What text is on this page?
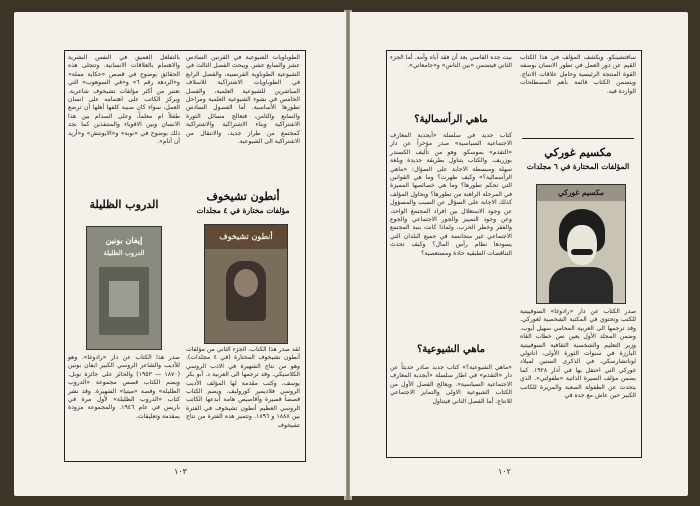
الطوباويات الشيوعية في القرنين السادس عشر والسابع عشر. ويبحث الفصل الثالث في الشيوعية الطوباوية الفرنسية، والفصل الرابع في الطوباويات الاشتراكية للاسلاف المباشرين للشيوعية العلمية، والفصل الخامس في نشوء الشيوعية العلمية ومراحل تطورها الأساسية. أما الفصول السادس والسابع والثامن، فتعالج مسائل الثورة الاشتراكية وبناء الاشتراكية والاشتراكية كمجتمع من طراز جديد، والانتقال من الاشتراكية الى الشيوعية.
بالتفلغل العميق في النفس البشرية والاهتمام بالعلاقات الانسانية. وتتجلى هذه الحقائق بوضوح في قصص «حكاية مملة» و«الردهة رقم ٦» و«في السوهوب» التي تعتبر من أكثر مؤلفات تشيخوف شاعرية. ويركز الكاتب على اهتمامه على انسان العمل، سواء كان صبية كلفها أهلها أن ترضع طفلاً ام معلماً، وعلى الصدام بين هذا الانسان وبين الاقوياء والمتنفذين كما نجد ذلك بوضوح في «نوبة» و«الايونتش» و«أريد أن أنام».
أنطون تشيخوف
مؤلفات مختارة في ٤ مجلدات
الدروب الظليلة
أنطون تشيخوف
إيفان بونين
الدروب الظليلة
لقد صدر هذا الكتاب، الجزء الثاني من مؤلفات أنطون تشيخوف المختارة (في ٤ مجلدات). وهو من نتاج الشهيرة في الادب الروسي الكلاسيكي. وقد ترجمها الى العربية د. أبو بكر يوسف، وكتب مقدمة لها المؤلف الأديب الروسي فلاديمير كوروليف. ويضم الكتاب قصصاً قصيرة وأقاصيص هامة أبدعها الكاتب الروسي العظيم أنطون تشيخوف في الفترة بين ١٨٨٨ و ١٨٩٦. وتتميز هذه الفترة من نتاج تشيخوف
صدر هذا الكتاب عن دار «رادوغا». وهو للأديب والشاعر الروسي الكبير ايفان بونين (١٨٧٠ — ١٩٥٣) والحائز على جائزة نوبل. ويضم الكتاب قصص مجموعة «الدروب الظليلة» وقصة «ميتيا» الشهيرة. وقد نشر كتاب «الدروب الظليلة» لأول مرة في باريس في عام ١٩٤٦. والمجموعة مزودة بمقدمة وتعليقات.
١٠٣
بيت جده القاسي بعد أن فقد آباه وأمه. أما الجزء الثاني فيتضمن «بين الناس» و«جامعاتي».
ماهي الرأسمالية؟
كتاب جديد في سلسلة «أبجدية المعارف الاجتماعية السياسية» صدر مؤخراً عن دار «التقدم» بموسكو. وهو من تأليف الكسندر بوزريف. والكتاب يتناول بطريقة جديدة وبلغة سهلة ومبسطة الاجابة على السؤال: «ماهي الرأسمالية؟» وكيف ظهرت؟ وما هي القوانين التي تحكم تطورها؟ وما هي خصائصها المميزة في المرحلة الراهنة من تطورها؟ ويحاول المؤلف كذلك الاجابة على السؤال عن السبب والمسؤول عن وجود الاستغلال بين افراد المجتمع الواحد، وعن وجود التمييز والجور الاجتماعي والجوع والفقر وخطر الحرب، ولماذا كانت بنية المجتمع الاجتماعي غير متجانسة في جميع البلدان التي يسودها نظام رأس المال؟ وكيف تحدث التناقضات الطبقية حادة ومستعصية؟
ماهي الشيوعية؟
«ماهي الشيوعية؟» كتاب جديد صادر حديثاً عن دار «التقدم» في اطار سلسلة «أبجدية المعارف الاجتماعية السياسية». ويعالج الفصل الأول من الكتاب الشيوعية الاولى والتمايز الاجتماعي للانتاج. أما الفصل الثاني فيتناول
سافتشينكو. ويكشف المؤلف في هذا الكتاب القيم عن دور العمل في تطور الانسان بوصفه القوة المنتجة الرئيسية وحامل علاقات الانتاج. ويتضمن الكتاب قائمة بأهم المصطلحات الواردة فيه.
مكسيم غوركي
المؤلفات المختارة في ٦ مجلدات
مكسيم غوركي
صدر الكتاب عن دار «رادوغا» السوفييتية للكتب وتحتوي في المكتبة الشخصية لغوركي. وقد ترجمها الى العربية المحامي سهيل أيوب. وضمن المجلد الأول يعين نص خطاب القاه وزير التعليم والشخصية الثقافية السوفييتية البارزة في سنوات الثورة الأولى، اناتولي لوناتشارسكي، في الذكرى الستين لميلاد غوركي التي احتفل بها في آذار ١٩٢٨. كما يضمن مؤلف السيرة الذاتية «طفولتي». الذي يتحدث عن الطفولة الصعبة والمريرة للكاتب الكبير حين عاش مع جده في
١٠٢
